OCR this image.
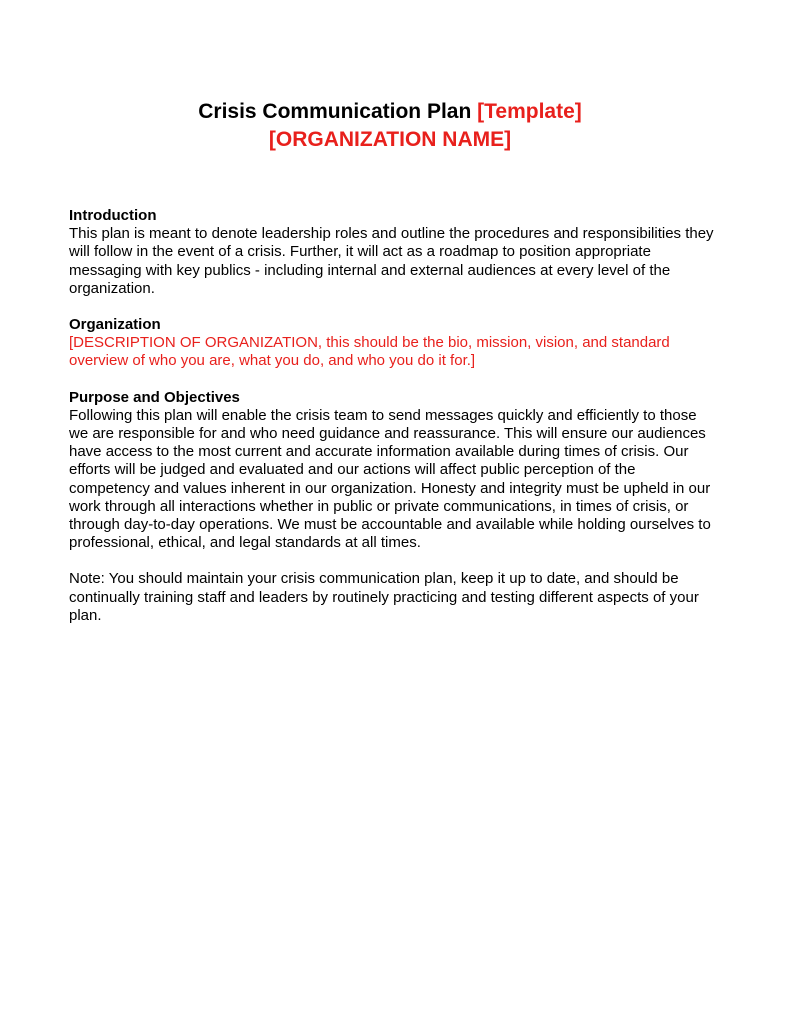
Crisis Communication Plan [Template]
[ORGANIZATION NAME]
Introduction
This plan is meant to denote leadership roles and outline the procedures and responsibilities they will follow in the event of a crisis. Further, it will act as a roadmap to position appropriate messaging with key publics - including internal and external audiences at every level of the organization.
Organization
[DESCRIPTION OF ORGANIZATION, this should be the bio, mission, vision, and standard overview of who you are, what you do, and who you do it for.]
Purpose and Objectives
Following this plan will enable the crisis team to send messages quickly and efficiently to those we are responsible for and who need guidance and reassurance. This will ensure our audiences have access to the most current and accurate information available during times of crisis. Our efforts will be judged and evaluated and our actions will affect public perception of the competency and values inherent in our organization. Honesty and integrity must be upheld in our work through all interactions whether in public or private communications, in times of crisis, or through day-to-day operations. We must be accountable and available while holding ourselves to professional, ethical, and legal standards at all times.
Note: You should maintain your crisis communication plan, keep it up to date, and should be continually training staff and leaders by routinely practicing and testing different aspects of your plan.
